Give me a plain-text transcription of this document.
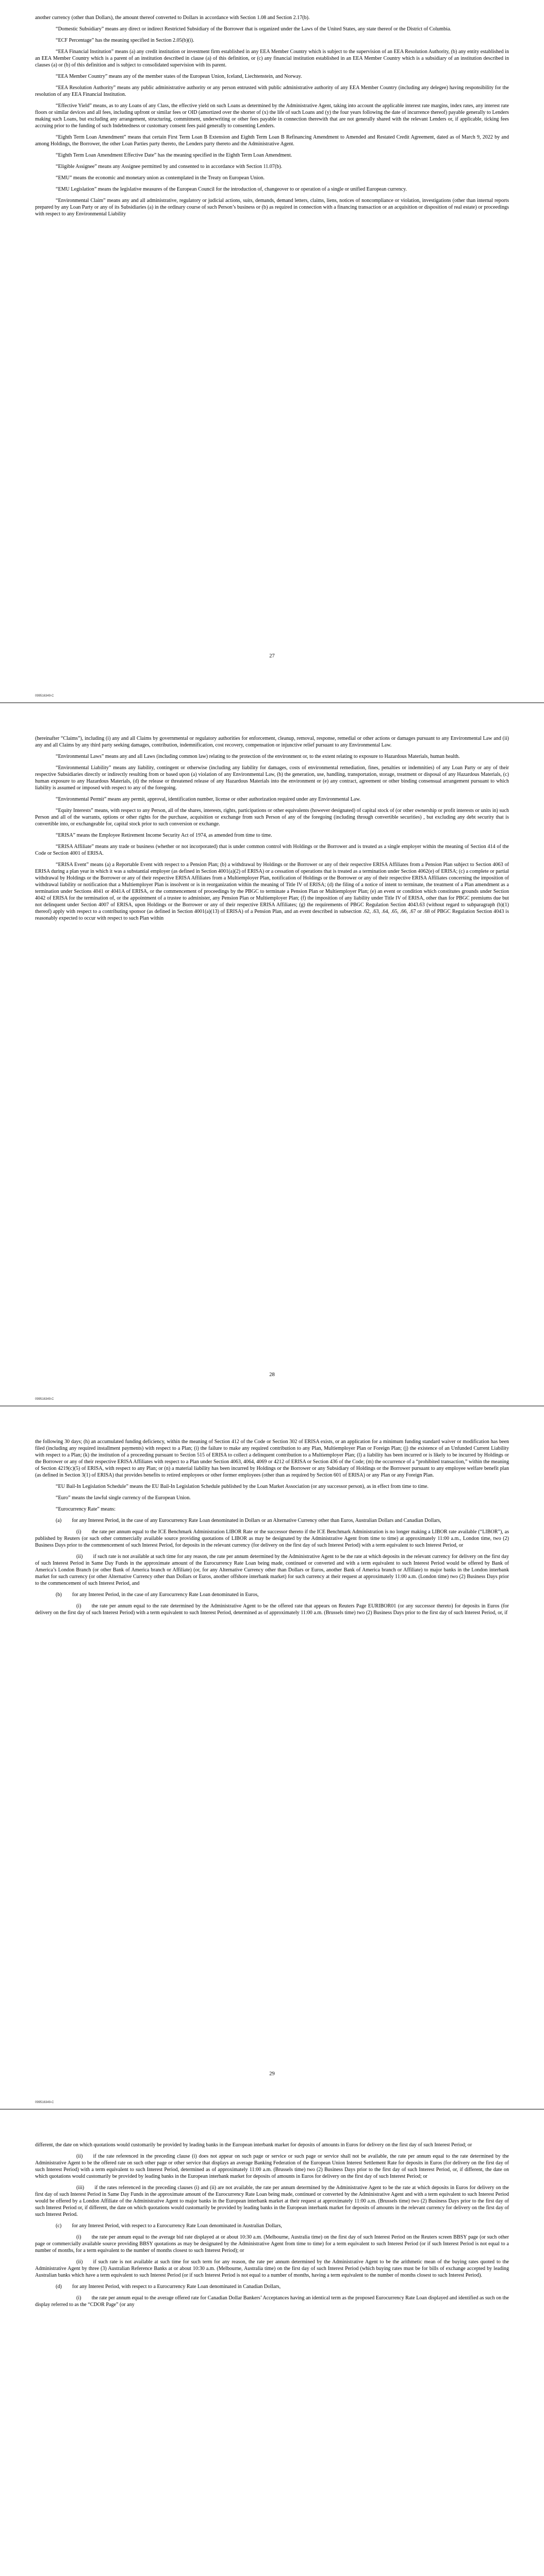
another currency (other than Dollars), the amount thereof converted to Dollars in accordance with Section 1.08 and Section 2.17(b).

“Domestic Subsidiary” means any direct or indirect Restricted Subsidiary of the Borrower that is organized under the Laws of the United States, any state thereof or the District of Columbia.

“ECF Percentage” has the meaning specified in Section 2.05(b)(i).

“EEA Financial Institution” means (a) any credit institution or investment firm established in any EEA Member Country which is subject to the supervision of an EEA Resolution Authority, (b) any entity established in an EEA Member Country which is a parent of an institution described in clause (a) of this definition, or (c) any financial institution established in an EEA Member Country which is a subsidiary of an institution described in clauses (a) or (b) of this definition and is subject to consolidated supervision with its parent.

“EEA Member Country” means any of the member states of the European Union, Iceland, Liechtenstein, and Norway.

“EEA Resolution Authority” means any public administrative authority or any person entrusted with public administrative authority of any EEA Member Country (including any delegee) having responsibility for the resolution of any EEA Financial Institution.

“Effective Yield” means, as to any Loans of any Class, the effective yield on such Loans as determined by the Administrative Agent, taking into account the applicable interest rate margins, index rates, any interest rate floors or similar devices and all fees, including upfront or similar fees or OID (amortized over the shorter of (x) the life of such Loans and (y) the four years following the date of incurrence thereof) payable generally to Lenders making such Loans, but excluding any arrangement, structuring, commitment, underwriting or other fees payable in connection therewith that are not generally shared with the relevant Lenders or, if applicable, ticking fees accruing prior to the funding of such Indebtedness or customary consent fees paid generally to consenting Lenders.

“Eighth Term Loan Amendment” means that certain First Term Loan B Extension and Eighth Term Loan B Refinancing Amendment to Amended and Restated Credit Agreement, dated as of March 9, 2022 by and among Holdings, the Borrower, the other Loan Parties party thereto, the Lenders party thereto and the Administrative Agent.

“Eighth Term Loan Amendment Effective Date” has the meaning specified in the Eighth Term Loan Amendment.

“Eligible Assignee” means any Assignee permitted by and consented to in accordance with Section 11.07(b).

“EMU” means the economic and monetary union as contemplated in the Treaty on European Union.

“EMU Legislation” means the legislative measures of the European Council for the introduction of, changeover to or operation of a single or unified European currency.

“Environmental Claim” means any and all administrative, regulatory or judicial actions, suits, demands, demand letters, claims, liens, notices of noncompliance or violation, investigations (other than internal reports prepared by any Loan Party or any of its Subsidiaries (a) in the ordinary course of such Person’s business or (b) as required in connection with a financing transaction or an acquisition or disposition of real estate) or proceedings with respect to any Environmental Liability

27
099516349-C

(hereinafter “Claims”), including (i) any and all Claims by governmental or regulatory authorities for enforcement, cleanup, removal, response, remedial or other actions or damages pursuant to any Environmental Law and (ii) any and all Claims by any third party seeking damages, contribution, indemnification, cost recovery, compensation or injunctive relief pursuant to any Environmental Law.

“Environmental Laws” means any and all Laws (including common law) relating to the protection of the environment or, to the extent relating to exposure to Hazardous Materials, human health.

“Environmental Liability” means any liability, contingent or otherwise (including any liability for damages, costs of environmental remediation, fines, penalties or indemnities) of any Loan Party or any of their respective Subsidiaries directly or indirectly resulting from or based upon (a) violation of any Environmental Law, (b) the generation, use, handling, transportation, storage, treatment or disposal of any Hazardous Materials, (c) human exposure to any Hazardous Materials, (d) the release or threatened release of any Hazardous Materials into the environment or (e) any contract, agreement or other binding consensual arrangement pursuant to which liability is assumed or imposed with respect to any of the foregoing.

“Environmental Permit” means any permit, approval, identification number, license or other authorization required under any Environmental Law.

“Equity Interests” means, with respect to any Person, all of the shares, interests, rights, participations or other equivalents (however designated) of capital stock of (or other ownership or profit interests or units in) such Person and all of the warrants, options or other rights for the purchase, acquisition or exchange from such Person of any of the foregoing (including through convertible securities) , but excluding any debt security that is convertible into, or exchangeable for, capital stock prior to such conversion or exchange.

“ERISA” means the Employee Retirement Income Security Act of 1974, as amended from time to time.

“ERISA Affiliate” means any trade or business (whether or not incorporated) that is under common control with Holdings or the Borrower and is treated as a single employer within the meaning of Section 414 of the Code or Section 4001 of ERISA.

“ERISA Event” means (a) a Reportable Event with respect to a Pension Plan; (b) a withdrawal by Holdings or the Borrower or any of their respective ERISA Affiliates from a Pension Plan subject to Section 4063 of ERISA during a plan year in which it was a substantial employer (as defined in Section 4001(a)(2) of ERISA) or a cessation of operations that is treated as a termination under Section 4062(e) of ERISA; (c) a complete or partial withdrawal by Holdings or the Borrower or any of their respective ERISA Affiliates from a Multiemployer Plan, notification of Holdings or the Borrower or any of their respective ERISA Affiliates concerning the imposition of withdrawal liability or notification that a Multiemployer Plan is insolvent or is in reorganization within the meaning of Title IV of ERISA; (d) the filing of a notice of intent to terminate, the treatment of a Plan amendment as a termination under Sections 4041 or 4041A of ERISA, or the commencement of proceedings by the PBGC to terminate a Pension Plan or Multiemployer Plan; (e) an event or condition which constitutes grounds under Section 4042 of ERISA for the termination of, or the appointment of a trustee to administer, any Pension Plan or Multiemployer Plan; (f) the imposition of any liability under Title IV of ERISA, other than for PBGC premiums due but not delinquent under Section 4007 of ERISA, upon Holdings or the Borrower or any of their respective ERISA Affiliates; (g) the requirements of PBGC Regulation Section 4043.63 (without regard to subparagraph (b)(1) thereof) apply with respect to a contributing sponsor (as defined in Section 4001(a)(13) of ERISA) of a Pension Plan, and an event described in subsection .62, .63, .64, .65, .66, .67 or .68 of PBGC Regulation Section 4043 is reasonably expected to occur with respect to such Plan within

28
099516349-C

the following 30 days; (h) an accumulated funding deficiency, within the meaning of Section 412 of the Code or Section 302 of ERISA exists, or an application for a minimum funding standard waiver or modification has been filed (including any required installment payments) with respect to a Plan; (i) the failure to make any required contribution to any Plan, Multiemployer Plan or Foreign Plan; (j) the existence of an Unfunded Current Liability with respect to a Plan; (k) the institution of a proceeding pursuant to Section 515 of ERISA to collect a delinquent contribution to a Multiemployer Plan; (l) a liability has been incurred or is likely to be incurred by Holdings or the Borrower or any of their respective ERISA Affiliates with respect to a Plan under Section 4063, 4064, 4069 or 4212 of ERISA or Section 436 of the Code; (m) the occurrence of a “prohibited transaction,” within the meaning of Section 4219(c)(5) of ERISA, with respect to any Plan; or (n) a material liability has been incurred by Holdings or the Borrower or any Subsidiary of Holdings or the Borrower pursuant to any employee welfare benefit plan (as defined in Section 3(1) of ERISA) that provides benefits to retired employees or other former employees (other than as required by Section 601 of ERISA) or any Plan or any Foreign Plan.

“EU Bail-In Legislation Schedule” means the EU Bail-In Legislation Schedule published by the Loan Market Association (or any successor person), as in effect from time to time.

“Euro” means the lawful single currency of the European Union.

“Eurocurrency Rate” means:

(a)  for any Interest Period, in the case of any Eurocurrency Rate Loan denominated in Dollars or an Alternative Currency other than Euros, Australian Dollars and Canadian Dollars,

(i)  the rate per annum equal to the ICE Benchmark Administration LIBOR Rate or the successor thereto if the ICE Benchmark Administration is no longer making a LIBOR rate available (“LIBOR”), as published by Reuters (or such other commercially available source providing quotations of LIBOR as may be designated by the Administrative Agent from time to time) at approximately 11:00 a.m., London time, two (2) Business Days prior to the commencement of such Interest Period, for deposits in the relevant currency (for delivery on the first day of such Interest Period) with a term equivalent to such Interest Period, or

(ii)  if such rate is not available at such time for any reason, the rate per annum determined by the Administrative Agent to be the rate at which deposits in the relevant currency for delivery on the first day of such Interest Period in Same Day Funds in the approximate amount of the Eurocurrency Rate Loan being made, continued or converted and with a term equivalent to such Interest Period would be offered by Bank of America’s London Branch (or other Bank of America branch or Affiliate) (or, for any Alternative Currency other than Dollars or Euros, another Bank of America branch or Affiliate) to major banks in the London interbank market for such currency (or other Alternative Currency other than Dollars or Euros, another offshore interbank market) for such currency at their request at approximately 11:00 a.m. (London time) two (2) Business Days prior to the commencement of such Interest Period, and

(b)  for any Interest Period, in the case of any Eurocurrency Rate Loan denominated in Euros,

(i)  the rate per annum equal to the rate determined by the Administrative Agent to be the offered rate that appears on Reuters Page EURIBOR01 (or any successor thereto) for deposits in Euros (for delivery on the first day of such Interest Period) with a term equivalent to such Interest Period, determined as of approximately 11:00 a.m. (Brussels time) two (2) Business Days prior to the first day of such Interest Period, or, if

29
099516349-C

different, the date on which quotations would customarily be provided by leading banks in the European interbank market for deposits of amounts in Euros for delivery on the first day of such Interest Period; or

(ii)  if the rate referenced in the preceding clause (i) does not appear on such page or service or such page or service shall not be available, the rate per annum equal to the rate determined by the Administrative Agent to be the offered rate on such other page or other service that displays an average Banking Federation of the European Union Interest Settlement Rate for deposits in Euros (for delivery on the first day of such Interest Period) with a term equivalent to such Interest Period, determined as of approximately 11:00 a.m. (Brussels time) two (2) Business Days prior to the first day of such Interest Period, or, if different, the date on which quotations would customarily be provided by leading banks in the European interbank market for deposits of amounts in Euros for delivery on the first day of such Interest Period; or

(iii)  if the rates referenced in the preceding clauses (i) and (ii) are not available, the rate per annum determined by the Administrative Agent to be the rate at which deposits in Euros for delivery on the first day of such Interest Period in Same Day Funds in the approximate amount of the Eurocurrency Rate Loan being made, continued or converted by the Administrative Agent and with a term equivalent to such Interest Period would be offered by a London Affiliate of the Administrative Agent to major banks in the European interbank market at their request at approximately 11:00 a.m. (Brussels time) two (2) Business Days prior to the first day of such Interest Period or, if different, the date on which quotations would customarily be provided by leading banks in the European interbank market for deposits of amounts in the relevant currency for delivery on the first day of such Interest Period.

(c)  for any Interest Period, with respect to a Eurocurrency Rate Loan denominated in Australian Dollars,

(i)  the rate per annum equal to the average bid rate displayed at or about 10:30 a.m. (Melbourne, Australia time) on the first day of such Interest Period on the Reuters screen BBSY page (or such other page or commercially available source providing BBSY quotations as may be designated by the Administrative Agent from time to time) for a term equivalent to such Interest Period (or if such Interest Period is not equal to a number of months, for a term equivalent to the number of months closest to such Interest Period); or

(ii)  if such rate is not available at such time for such term for any reason, the rate per annum determined by the Administrative Agent to be the arithmetic mean of the buying rates quoted to the Administrative Agent by three (3) Australian Reference Banks at or about 10:30 a.m. (Melbourne, Australia time) on the first day of such Interest Period (which buying rates must be for bills of exchange accepted by leading Australian banks which have a term equivalent to such Interest Period (or if such Interest Period is not equal to a number of months, having a term equivalent to the number of months closest to such Interest Period).

(d)  for any Interest Period, with respect to a Eurocurrency Rate Loan denominated in Canadian Dollars,

(i)  the rate per annum equal to the average offered rate for Canadian Dollar Bankers’ Acceptances having an identical term as the proposed Eurocurrency Rate Loan displayed and identified as such on the display referred to as the “CDOR Page” (or any
